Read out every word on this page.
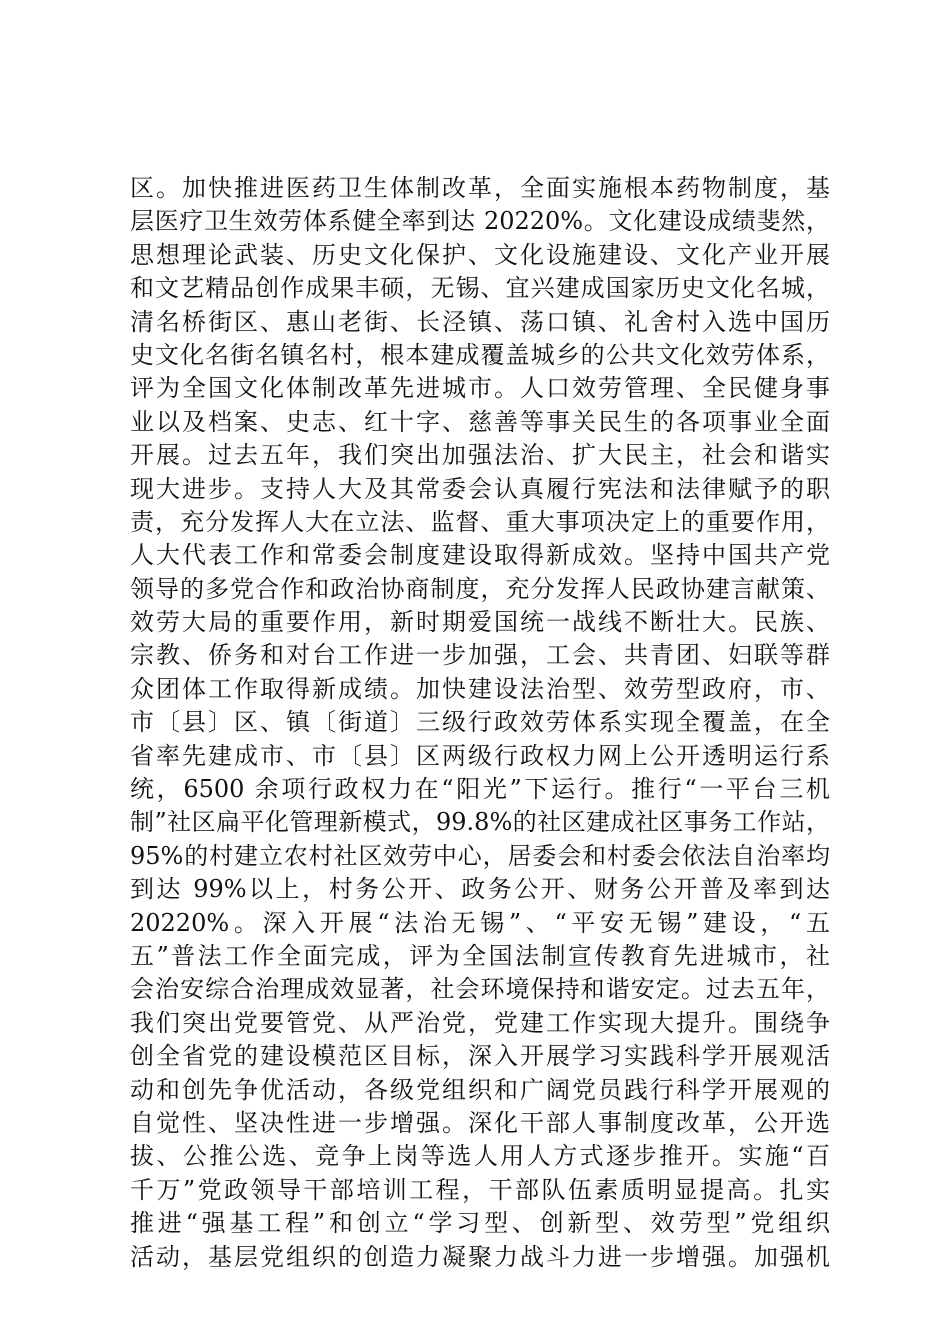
区。加快推进医药卫生体制改革，全面实施根本药物制度，基
层医疗卫生效劳体系健全率到达 20220%。文化建设成绩斐然，
思想理论武装、历史文化保护、文化设施建设、文化产业开展
和文艺精品创作成果丰硕，无锡、宜兴建成国家历史文化名城，
清名桥街区、惠山老街、长泾镇、荡口镇、礼舍村入选中国历
史文化名街名镇名村，根本建成覆盖城乡的公共文化效劳体系，
评为全国文化体制改革先进城市。人口效劳管理、全民健身事
业以及档案、史志、红十字、慈善等事关民生的各项事业全面
开展。过去五年，我们突出加强法治、扩大民主，社会和谐实
现大进步。支持人大及其常委会认真履行宪法和法律赋予的职
责，充分发挥人大在立法、监督、重大事项决定上的重要作用，
人大代表工作和常委会制度建设取得新成效。坚持中国共产党
领导的多党合作和政治协商制度，充分发挥人民政协建言献策、
效劳大局的重要作用，新时期爱国统一战线不断壮大。民族、
宗教、侨务和对台工作进一步加强，工会、共青团、妇联等群
众团体工作取得新成绩。加快建设法治型、效劳型政府，市、
市〔县〕区、镇〔街道〕三级行政效劳体系实现全覆盖，在全
省率先建成市、市〔县〕区两级行政权力网上公开透明运行系
统，6500 余项行政权力在“阳光”下运行。推行“一平台三机
制”社区扁平化管理新模式，99.8%的社区建成社区事务工作站，
95%的村建立农村社区效劳中心，居委会和村委会依法自治率均
到达 99%以上，村务公开、政务公开、财务公开普及率到达
20220%。深入开展“法治无锡”、“平安无锡”建设，“五
五”普法工作全面完成，评为全国法制宣传教育先进城市，社
会治安综合治理成效显著，社会环境保持和谐安定。过去五年，
我们突出党要管党、从严治党，党建工作实现大提升。围绕争
创全省党的建设模范区目标，深入开展学习实践科学开展观活
动和创先争优活动，各级党组织和广阔党员践行科学开展观的
自觉性、坚决性进一步增强。深化干部人事制度改革，公开选
拔、公推公选、竞争上岗等选人用人方式逐步推开。实施“百
千万”党政领导干部培训工程，干部队伍素质明显提高。扎实
推进“强基工程”和创立“学习型、创新型、效劳型”党组织
活动，基层党组织的创造力凝聚力战斗力进一步增强。加强机
